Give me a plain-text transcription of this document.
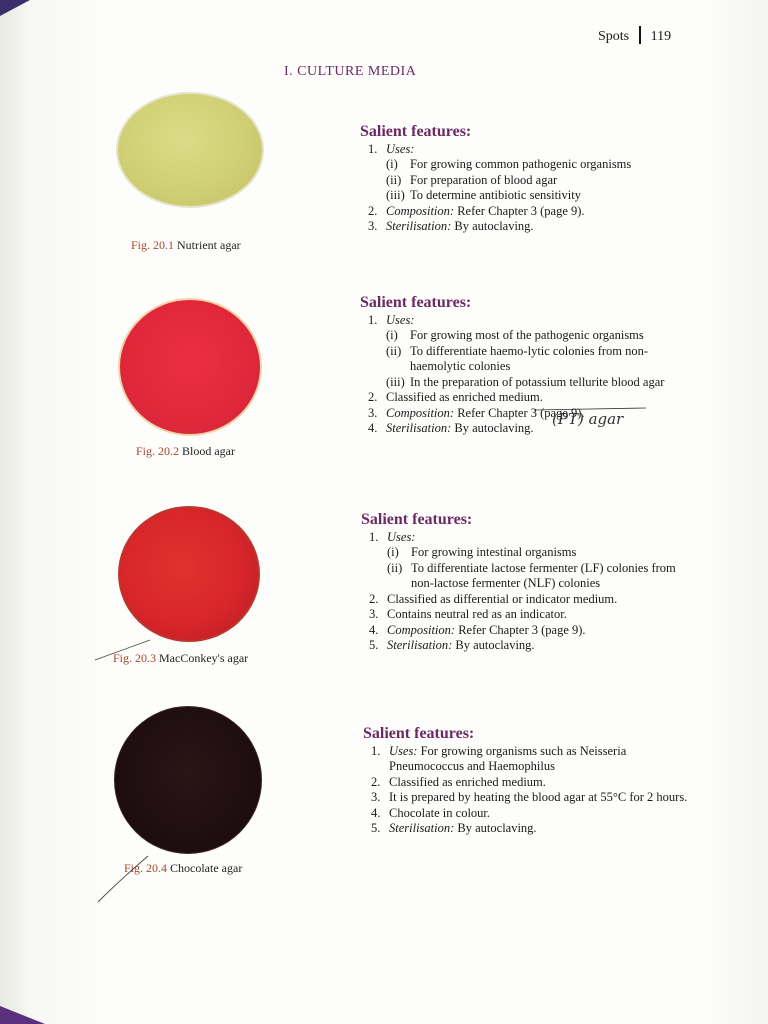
Spots 119
I. CULTURE MEDIA
Fig. 20.1 Nutrient agar
Fig. 20.2 Blood agar
Fig. 20.3 MacConkey's agar
Fig. 20.4 Chocolate agar
Salient features:
1. Uses:
(i) For growing common pathogenic organisms
(ii) For preparation of blood agar
(iii) To determine antibiotic sensitivity
2. Composition: Refer Chapter 3 (page 9).
3. Sterilisation: By autoclaving.
Salient features:
1. Uses:
(i) For growing most of the pathogenic organisms
(ii) To differentiate haemo-lytic colonies from non-haemolytic colonies
(iii) In the preparation of potassium tellurite blood agar
2. Classified as enriched medium.
3. Composition: Refer Chapter 3 (page 9).
4. Sterilisation: By autoclaving.	(PT) agar
Salient features:
1. Uses:
(i) For growing intestinal organisms
(ii) To differentiate lactose fermenter (LF) colonies from non-lactose fermenter (NLF) colonies
2. Classified as differential or indicator medium.
3. Contains neutral red as an indicator.
4. Composition: Refer Chapter 3 (page 9).
5. Sterilisation: By autoclaving.
Salient features:
1. Uses: For growing organisms such as Neisseria Pneumococcus and Haemophilus
2. Classified as enriched medium.
3. It is prepared by heating the blood agar at 55°C for 2 hours.
4. Chocolate in colour.
5. Sterilisation: By autoclaving.
